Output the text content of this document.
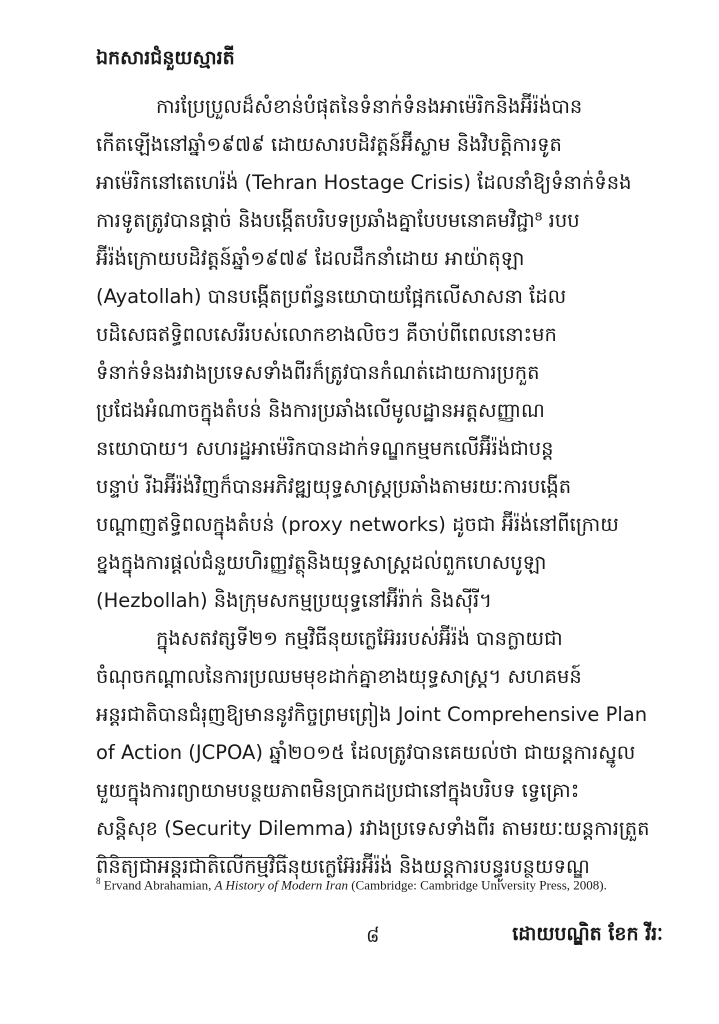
ឯកសារជំនួយស្មារតី
ការប្រែប្រួលដ៏សំខាន់បំផុតនៃទំនាក់ទំនងអាម៉េរិកនិងអ៊ីរ៉ង់បាន
កើតឡើងនៅឆ្នាំ១៩៧៩ ដោយសារបដិវត្តន៍អ៊ីស្លាម និងវិបត្តិការទូត
អាម៉េរិកនៅតេហេរ៉ង់ (Tehran Hostage Crisis) ដែលនាំឱ្យទំនាក់ទំនង
ការទូតត្រូវបានផ្តាច់ និងបង្កើតបរិបទប្រឆាំងគ្នាបែបមនោគមវិជ្ជា⁸ របប
អ៊ីរ៉ង់ក្រោយបដិវត្តន៍ឆ្នាំ១៩៧៩ ដែលដឹកនាំដោយ អាយ៉ាតុឡា
(Ayatollah) បានបង្កើតប្រព័ន្ធនយោបាយផ្អែកលើសាសនា ដែល
បដិសេធឥទ្ធិពលសេរីរបស់លោកខាងលិចៗ គឺចាប់ពីពេលនោះមក
ទំនាក់ទំនងរវាងប្រទេសទាំងពីរក៏ត្រូវបានកំណត់ដោយការប្រកួត
ប្រជែងអំណាចក្នុងតំបន់ និងការប្រឆាំងលើមូលដ្ឋានអត្តសញ្ញាណ
នយោបាយ។ សហរដ្ឋអាម៉េរិកបានដាក់ទណ្ឌកម្មមកលើអ៊ីរ៉ង់ជាបន្ត
បន្ទាប់ រីឯអ៊ីរ៉ង់វិញក៏បានអភិវឌ្ឍយុទ្ធសាស្ត្រប្រឆាំងតាមរយៈការបង្កើត
បណ្តាញឥទ្ធិពលក្នុងតំបន់ (proxy networks) ដូចជា អ៊ីរ៉ង់នៅពីក្រោយ
ខ្នងក្នុងការផ្តល់ជំនួយហិរញ្ញវត្ថុនិងយុទ្ធសាស្ត្រដល់ពួកហេសបូឡា
(Hezbollah) និងក្រុមសកម្មប្រយុទ្ធនៅអ៊ីរ៉ាក់ និងស៊ីរី។
ក្នុងសតវត្សទី២១ កម្មវិធីនុយក្លេអ៊ែររបស់អ៊ីរ៉ង់ បានក្លាយជា
ចំណុចកណ្តាលនៃការប្រឈមមុខដាក់គ្នាខាងយុទ្ធសាស្ត្រ។ សហគមន៍
អន្តរជាតិបានជំរុញឱ្យមាននូវកិច្ចព្រមព្រៀង Joint Comprehensive Plan
of Action (JCPOA) ឆ្នាំ២០១៥ ដែលត្រូវបានគេយល់ថា ជាយន្តការស្នូល
មួយក្នុងការព្យាយាមបន្ថយភាពមិនប្រាកដប្រជានៅក្នុងបរិបទ ទ្វេគ្រោះ
សន្តិសុខ (Security Dilemma) រវាងប្រទេសទាំងពីរ តាមរយៈយន្តការត្រួត
ពិនិត្យជាអន្តរជាតិលើកម្មវិធីនុយក្លេអ៊ែរអ៊ីរ៉ង់ និងយន្តការបន្ធូរបន្ថយទណ្ឌ
$^8$ Ervand Abrahamian, A History of Modern Iran (Cambridge: Cambridge University Press, 2008).
៨	ដោយបណ្ឌិត ខែក វីរៈ
